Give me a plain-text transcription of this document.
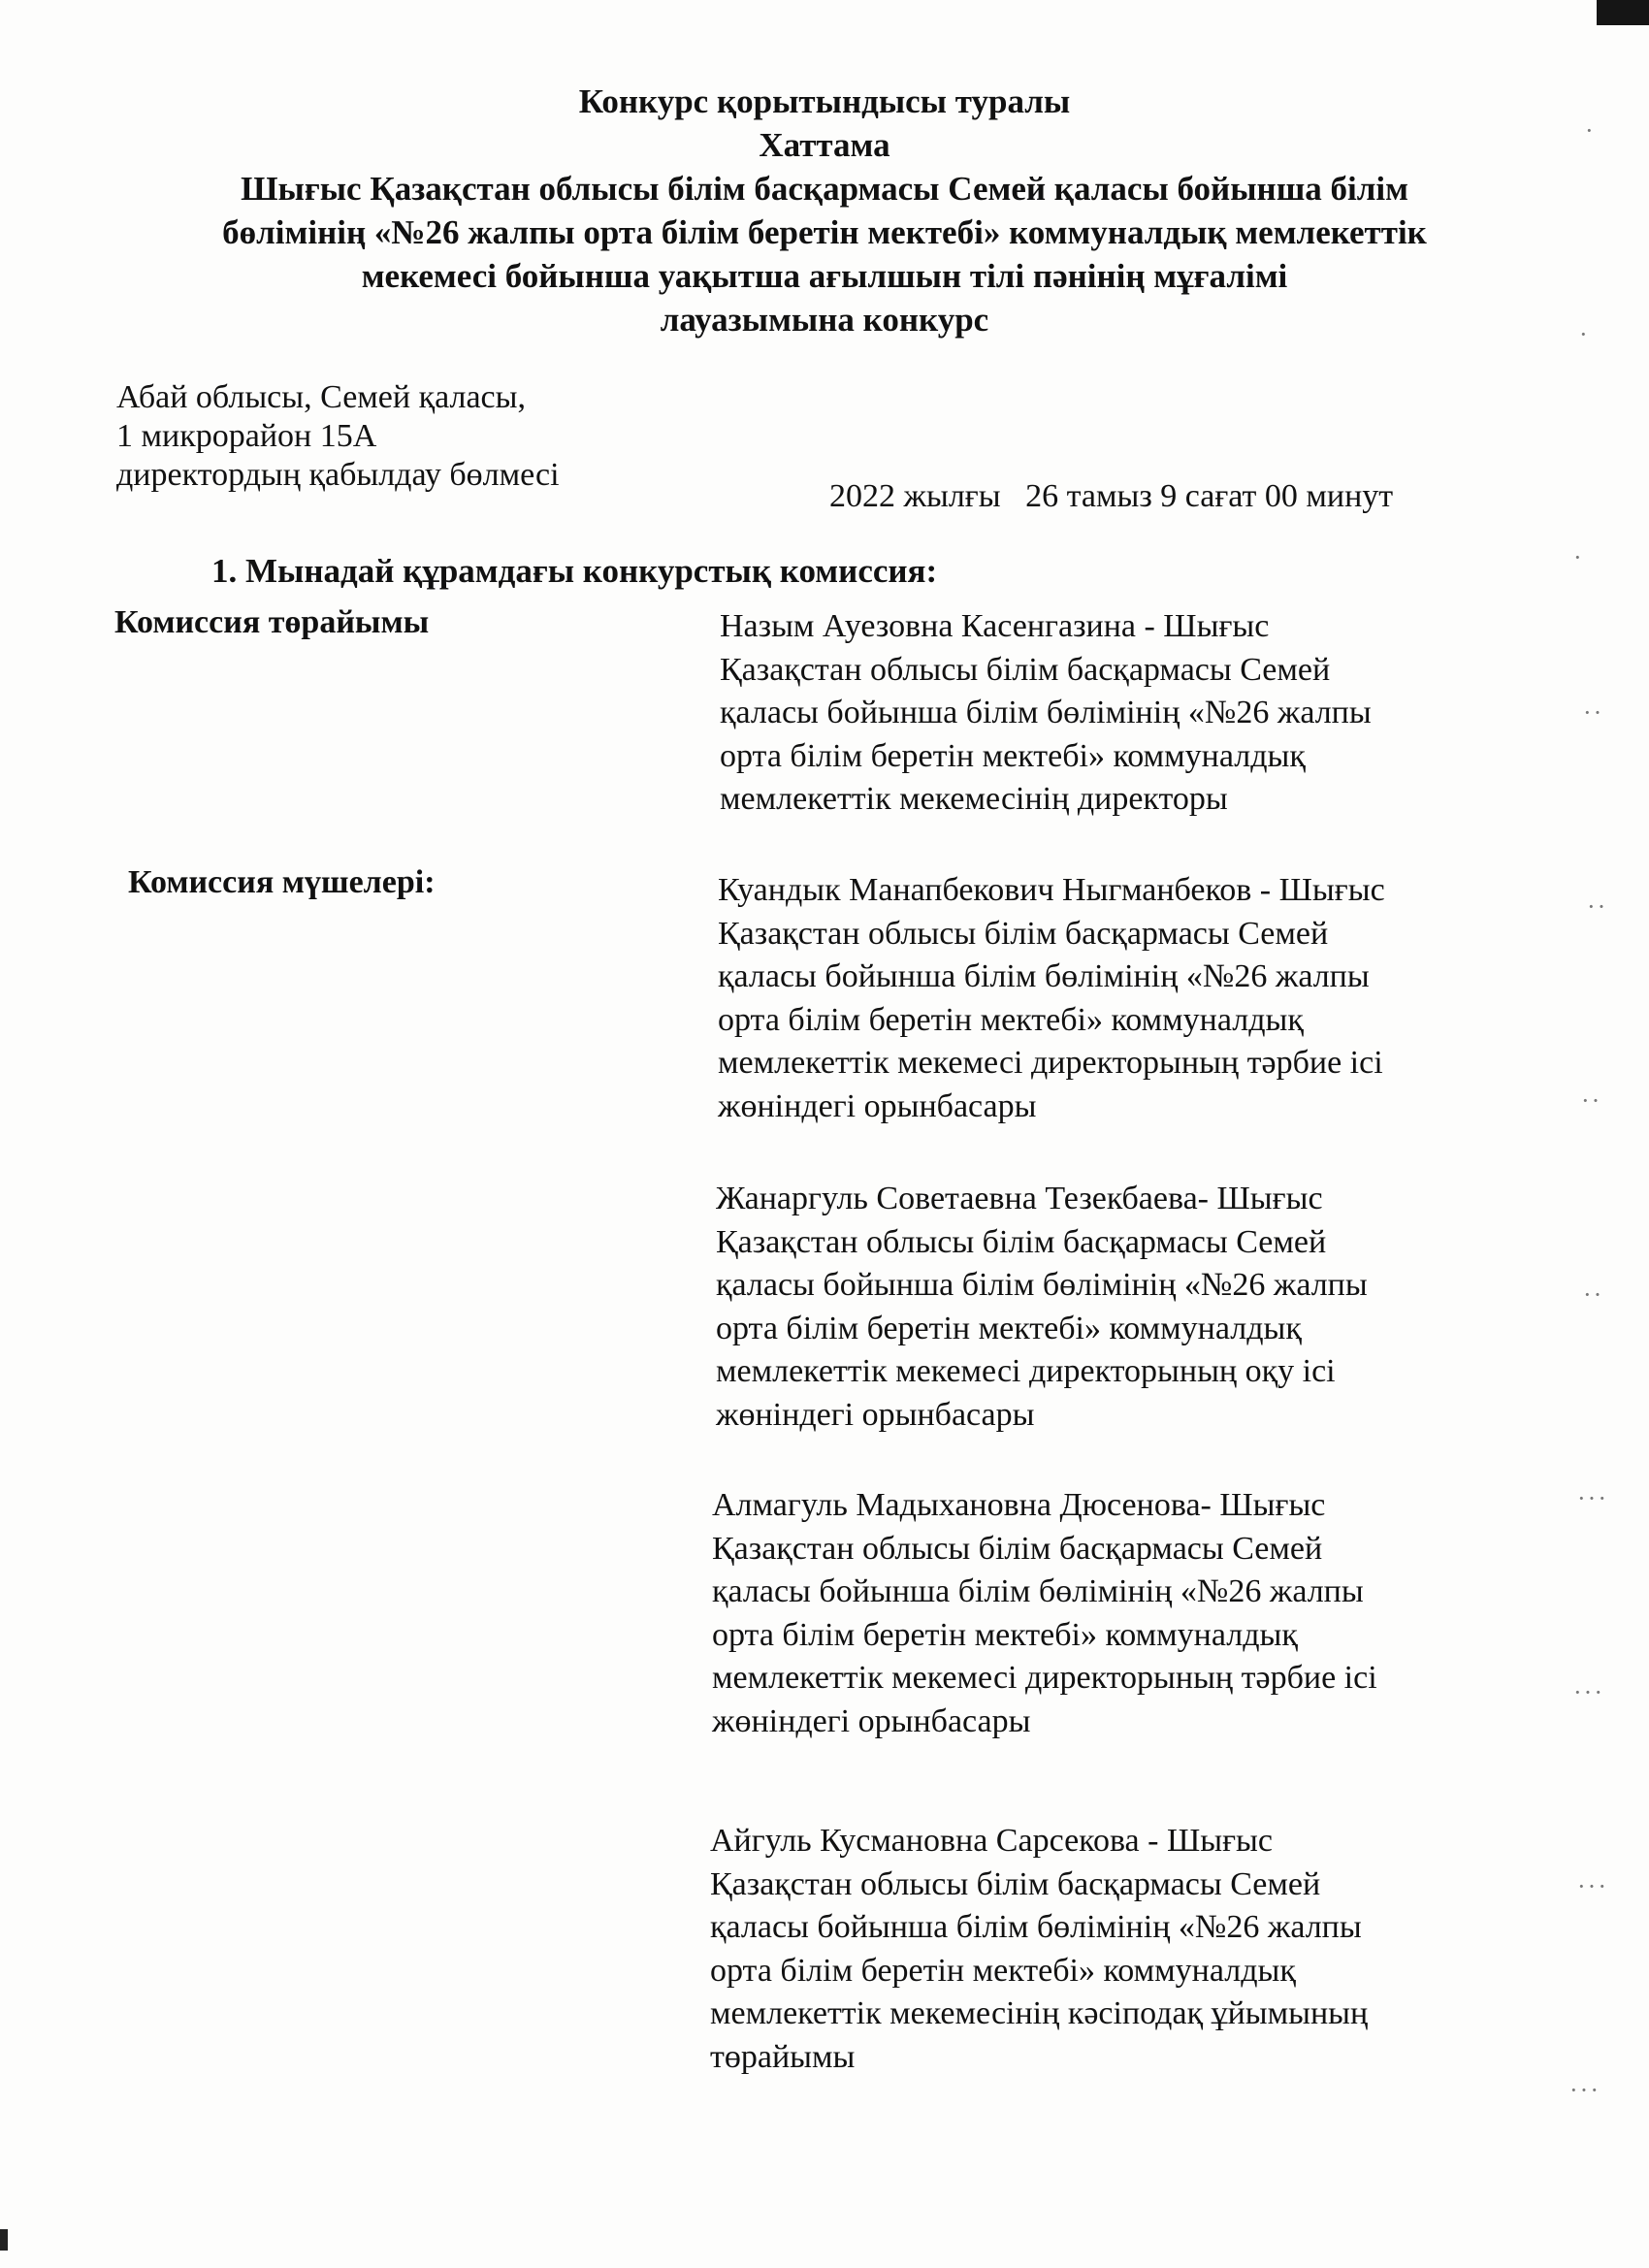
Конкурс қорытындысы туралы
Хаттама
Шығыс Қазақстан облысы білім басқармасы Семей қаласы бойынша білім
бөлімінің «№26 жалпы орта білім беретін мектебі» коммуналдық мемлекеттік
мекемесі бойынша уақытша ағылшын тілі пәнінің мұғалімі
лауазымына конкурс
Абай облысы, Семей қаласы,
1 микрорайон 15А
директордың қабылдау бөлмесі
2022 жылғы   26 тамыз 9 сағат 00 минут
1. Мынадай құрамдағы конкурстық комиссия:
Комиссия төрайымы	Назым Ауезовна Касенгазина - Шығыс
Қазақстан облысы білім басқармасы Семей
қаласы бойынша білім бөлімінің «№26 жалпы
орта білім беретін мектебі» коммуналдық
мемлекеттік мекемесінің директоры
Комиссия мүшелері:	Куандык Манапбекович Ныгманбеков - Шығыс
Қазақстан облысы білім басқармасы Семей
қаласы бойынша білім бөлімінің «№26 жалпы
орта білім беретін мектебі» коммуналдық
мемлекеттік мекемесі директорының тәрбие ісі
жөніндегі орынбасары
Жанаргуль Советаевна Тезекбаева- Шығыс
Қазақстан облысы білім басқармасы Семей
қаласы бойынша білім бөлімінің «№26 жалпы
орта білім беретін мектебі» коммуналдық
мемлекеттік мекемесі директорының оқу ісі
жөніндегі орынбасары
Алмагуль Мадыхановна Дюсенова- Шығыс
Қазақстан облысы білім басқармасы Семей
қаласы бойынша білім бөлімінің «№26 жалпы
орта білім беретін мектебі» коммуналдық
мемлекеттік мекемесі директорының тәрбие ісі
жөніндегі орынбасары
Айгуль Кусмановна Сарсекова - Шығыс
Қазақстан облысы білім басқармасы Семей
қаласы бойынша білім бөлімінің «№26 жалпы
орта білім беретін мектебі» коммуналдық
мемлекеттік мекемесінің кәсіподақ ұйымының
төрайымы
·
·
·
··
··
··
··
···
···
···
···
